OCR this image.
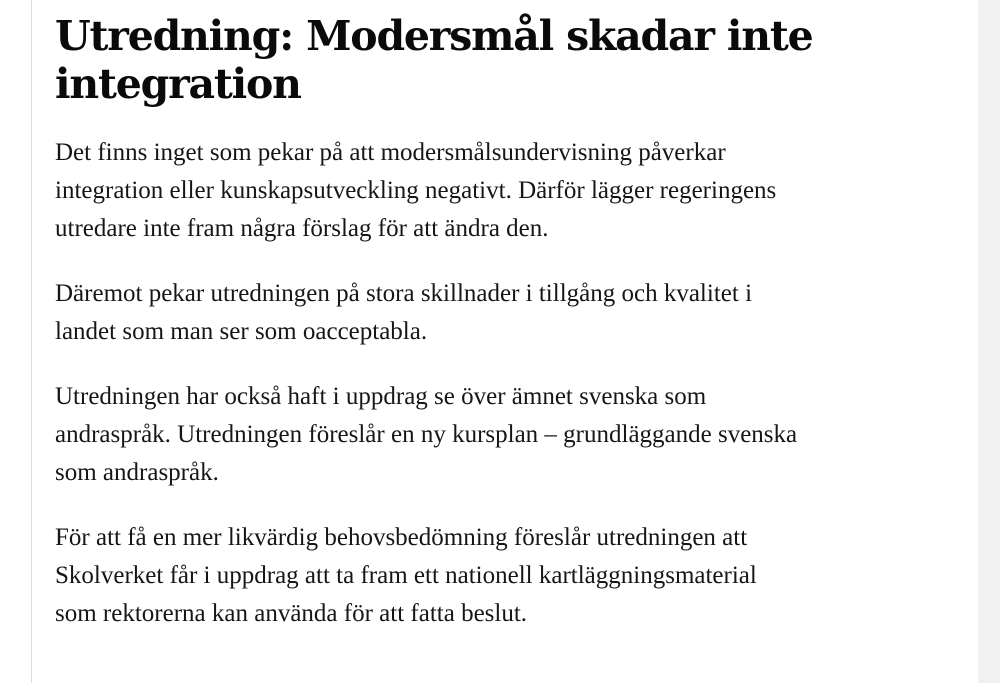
Utredning: Modersmål skadar inte
integration

Det finns inget som pekar på att modersmålsundervisning påverkar
integration eller kunskapsutveckling negativt. Därför lägger regeringens
utredare inte fram några förslag för att ändra den.

Däremot pekar utredningen på stora skillnader i tillgång och kvalitet i
landet som man ser som oacceptabla.

Utredningen har också haft i uppdrag se över ämnet svenska som
andraspråk. Utredningen föreslår en ny kursplan – grundläggande svenska
som andraspråk.

För att få en mer likvärdig behovsbedömning föreslår utredningen att
Skolverket får i uppdrag att ta fram ett nationell kartläggningsmaterial
som rektorerna kan använda för att fatta beslut.
